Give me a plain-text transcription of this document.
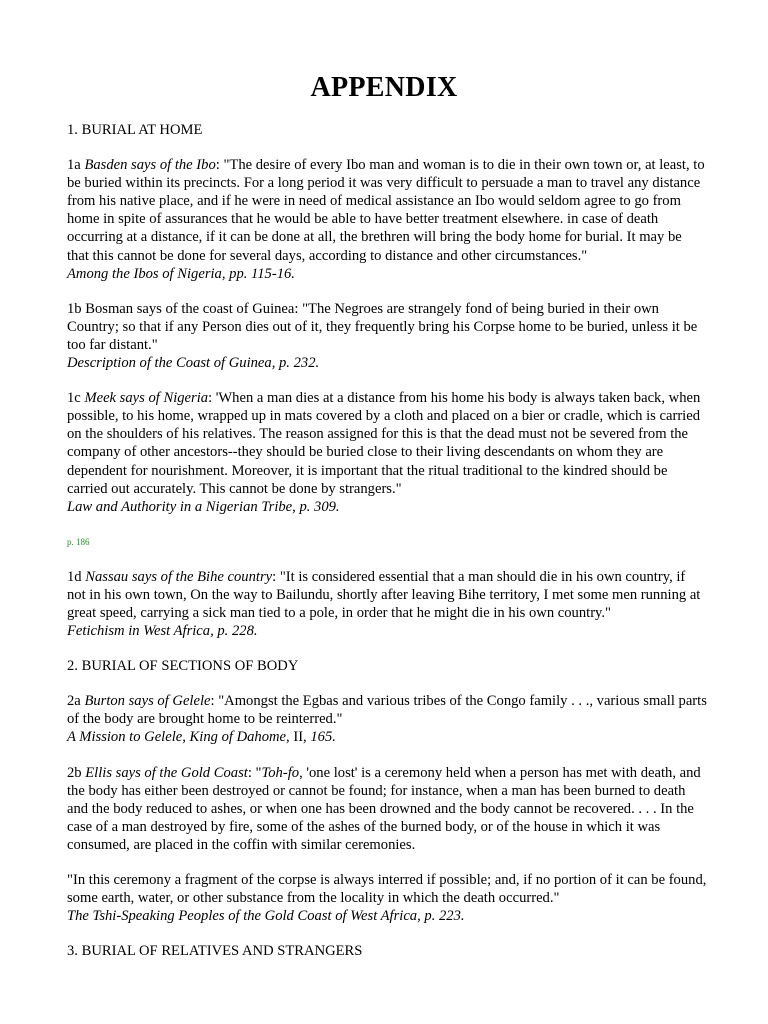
APPENDIX

1. BURIAL AT HOME

1a Basden says of the Ibo: "The desire of every Ibo man and woman is to die in their own town or, at least, to be buried within its precincts. For a long period it was very difficult to persuade a man to travel any distance from his native place, and if he were in need of medical assistance an Ibo would seldom agree to go from home in spite of assurances that he would be able to have better treatment elsewhere. in case of death occurring at a distance, if it can be done at all, the brethren will bring the body home for burial. It may be that this cannot be done for several days, according to distance and other circumstances."
Among the Ibos of Nigeria, pp. 115-16.

1b Bosman says of the coast of Guinea: "The Negroes are strangely fond of being buried in their own Country; so that if any Person dies out of it, they frequently bring his Corpse home to be buried, unless it be too far distant."
Description of the Coast of Guinea, p. 232.

1c Meek says of Nigeria: 'When a man dies at a distance from his home his body is always taken back, when possible, to his home, wrapped up in mats covered by a cloth and placed on a bier or cradle, which is carried on the shoulders of his relatives. The reason assigned for this is that the dead must not be severed from the company of other ancestors--they should be buried close to their living descendants on whom they are dependent for nourishment. Moreover, it is important that the ritual traditional to the kindred should be carried out accurately. This cannot be done by strangers."
Law and Authority in a Nigerian Tribe, p. 309.

p. 186

1d Nassau says of the Bihe country: "It is considered essential that a man should die in his own country, if not in his own town, On the way to Bailundu, shortly after leaving Bihe territory, I met some men running at great speed, carrying a sick man tied to a pole, in order that he might die in his own country."
Fetichism in West Africa, p. 228.

2. BURIAL OF SECTIONS OF BODY

2a Burton says of Gelele: "Amongst the Egbas and various tribes of the Congo family . . ., various small parts of the body are brought home to be reinterred."
A Mission to Gelele, King of Dahome, II, 165.

2b Ellis says of the Gold Coast: "Toh-fo, 'one lost' is a ceremony held when a person has met with death, and the body has either been destroyed or cannot be found; for instance, when a man has been burned to death and the body reduced to ashes, or when one has been drowned and the body cannot be recovered. . . . In the case of a man destroyed by fire, some of the ashes of the burned body, or of the house in which it was consumed, are placed in the coffin with similar ceremonies.

"In this ceremony a fragment of the corpse is always interred if possible; and, if no portion of it can be found, some earth, water, or other substance from the locality in which the death occurred."
The Tshi-Speaking Peoples of the Gold Coast of West Africa, p. 223.

3. BURIAL OF RELATIVES AND STRANGERS
